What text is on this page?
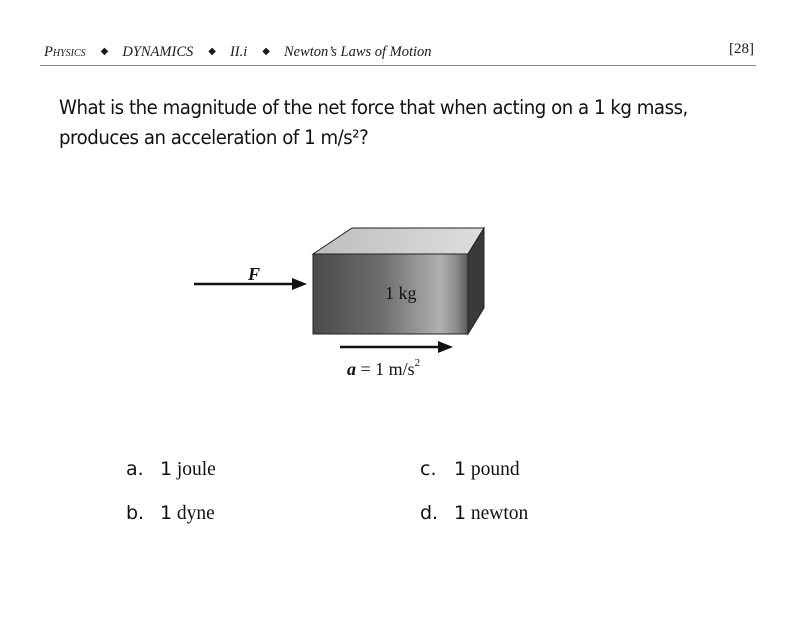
Physics ◆ DYNAMICS ◆ II.i ◆ Newton’s Laws of Motion	[28]
What is the magnitude of the net force that when acting on a 1 kg mass, produces an acceleration of 1 m/s²?
F
1 kg
a = 1 $m/s^2$
a. 1 joule
b. 1 dyne
c. 1 pound
d. 1 newton
